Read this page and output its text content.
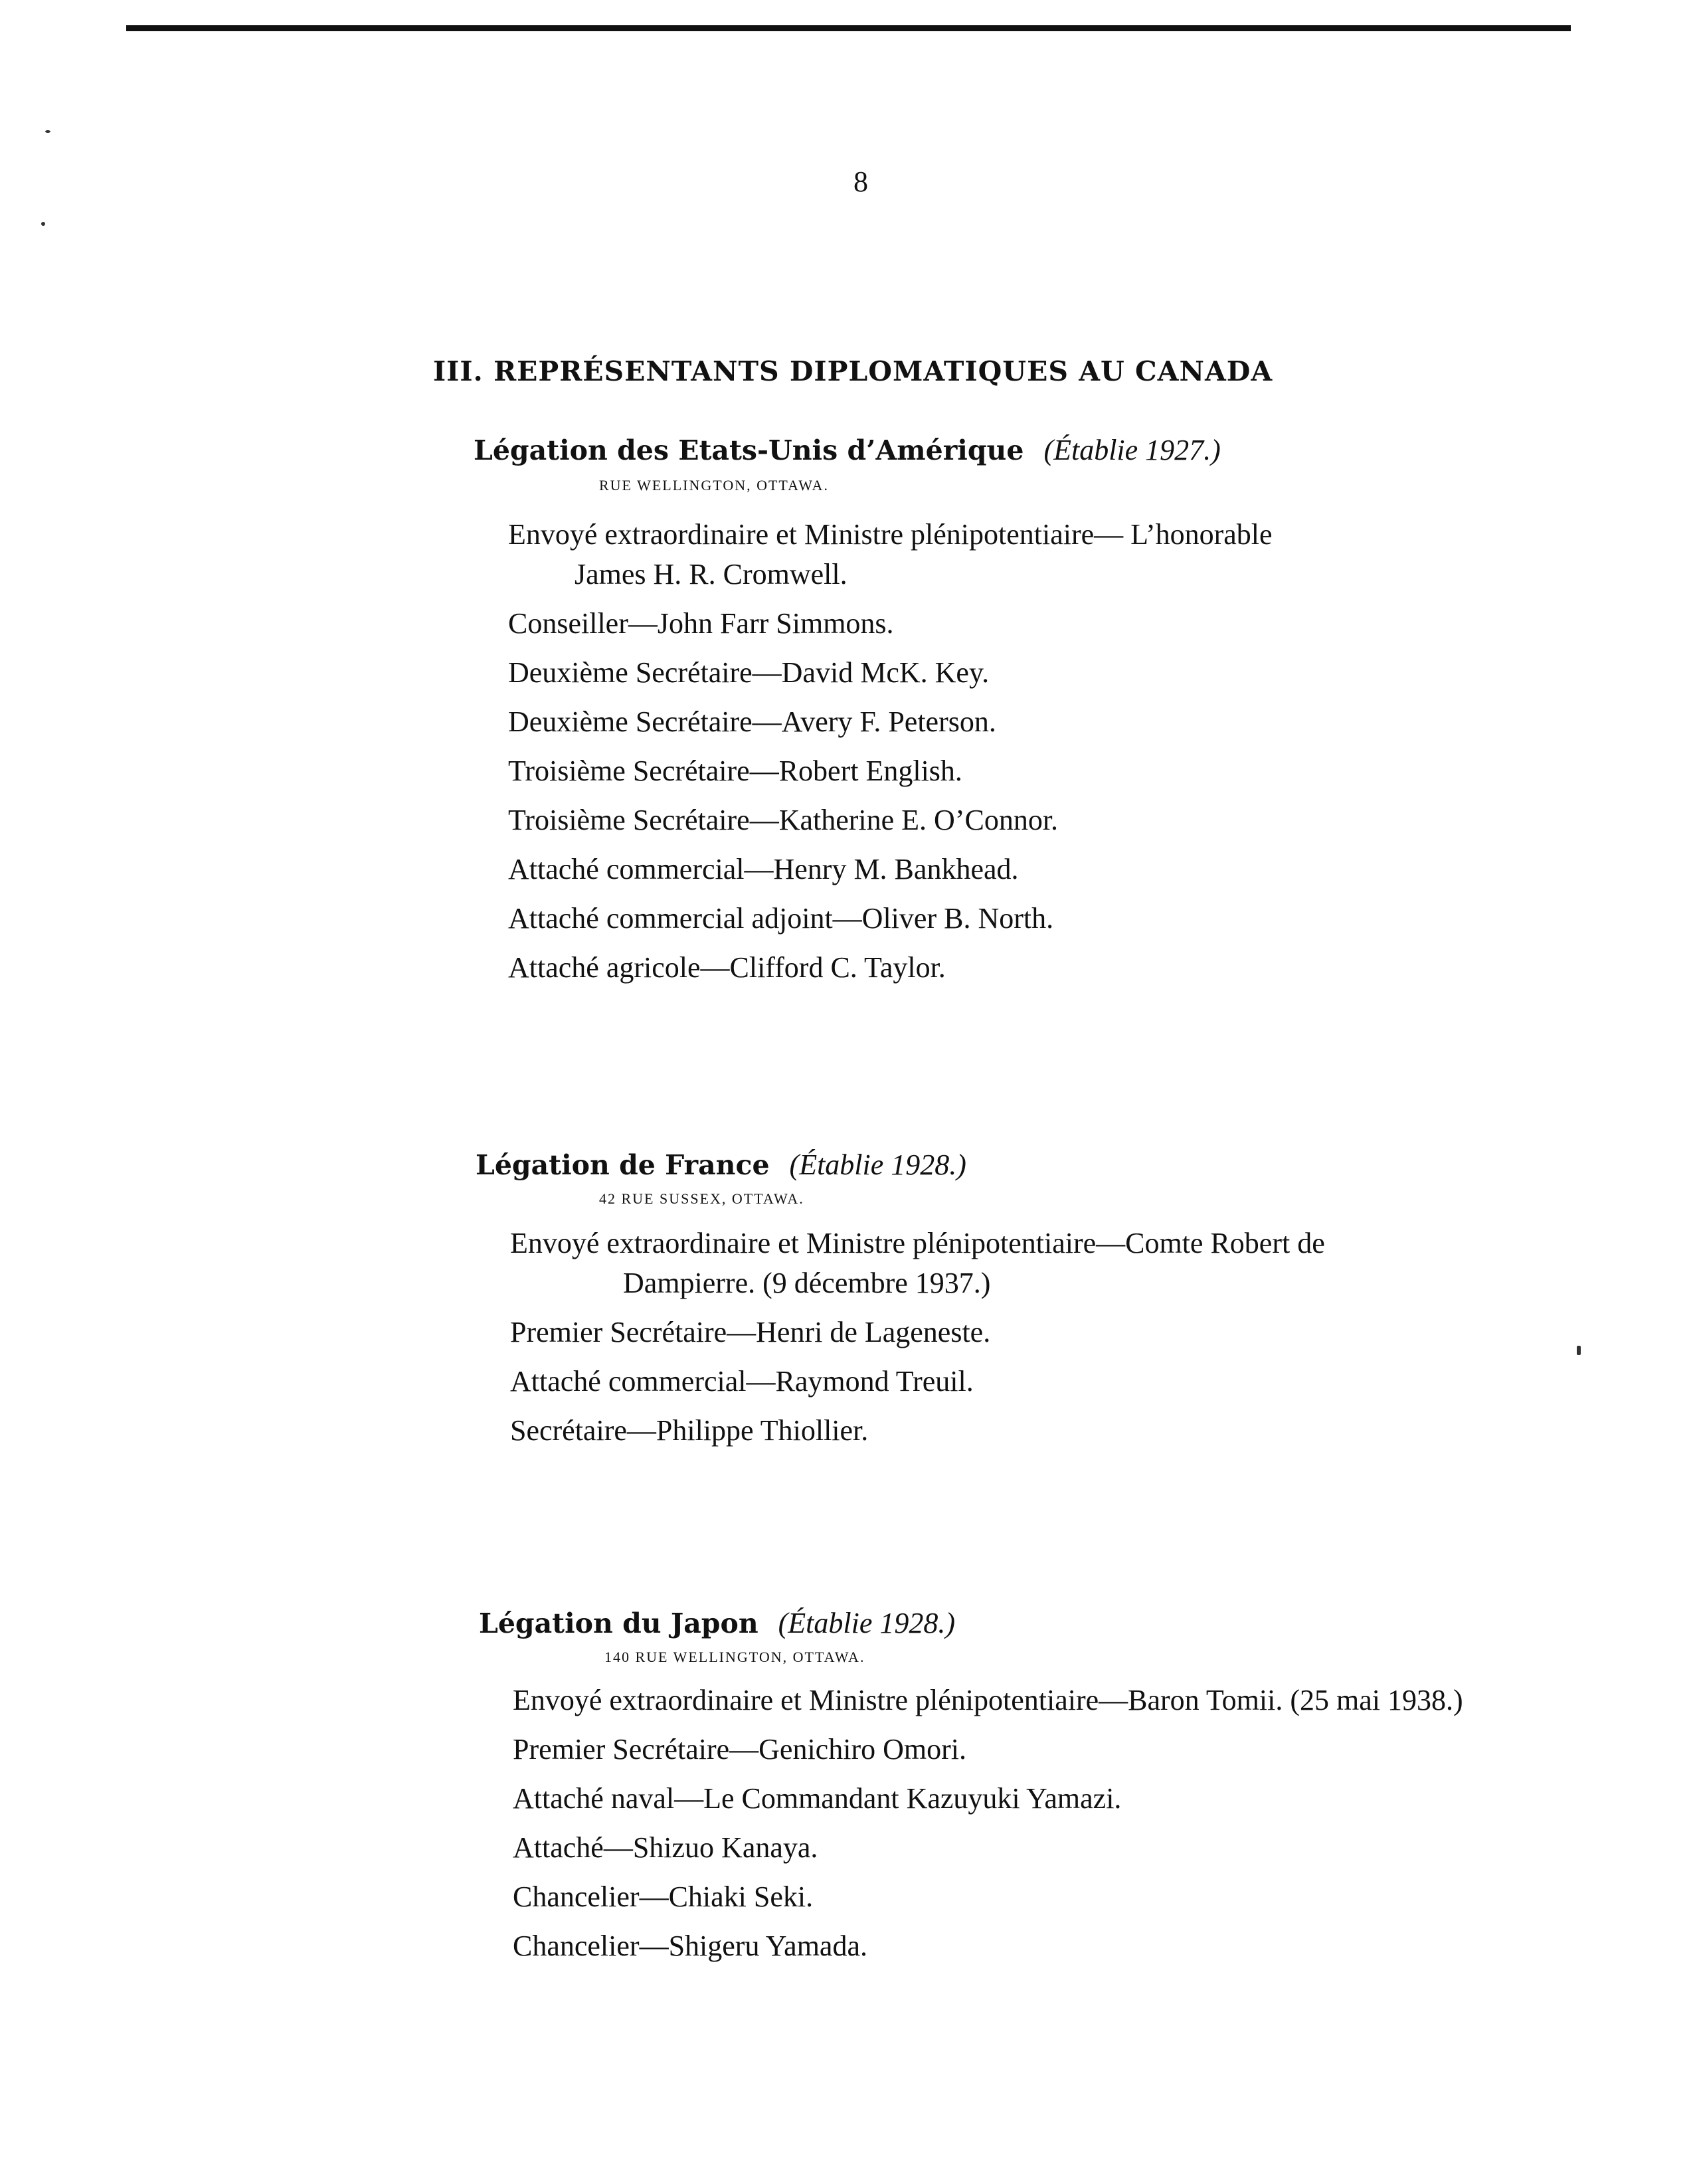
8
III. REPRÉSENTANTS DIPLOMATIQUES AU CANADA
Légation des Etats-Unis d’Amérique (Établie 1927.)
RUE WELLINGTON, OTTAWA.
Envoyé extraordinaire et Ministre plénipotentiaire— L’honorable James H. R. Cromwell.
Conseiller—John Farr Simmons.
Deuxième Secrétaire—David McK. Key.
Deuxième Secrétaire—Avery F. Peterson.
Troisième Secrétaire—Robert English.
Troisième Secrétaire—Katherine E. O’Connor.
Attaché commercial—Henry M. Bankhead.
Attaché commercial adjoint—Oliver B. North.
Attaché agricole—Clifford C. Taylor.
Légation de France (Établie 1928.)
42 RUE SUSSEX, OTTAWA.
Envoyé extraordinaire et Ministre plénipotentiaire—Comte Robert de Dampierre. (9 décembre 1937.)
Premier Secrétaire—Henri de Lageneste.
Attaché commercial—Raymond Treuil.
Secrétaire—Philippe Thiollier.
Légation du Japon (Établie 1928.)
140 RUE WELLINGTON, OTTAWA.
Envoyé extraordinaire et Ministre plénipotentiaire—Baron Tomii. (25 mai 1938.)
Premier Secrétaire—Genichiro Omori.
Attaché naval—Le Commandant Kazuyuki Yamazi.
Attaché—Shizuo Kanaya.
Chancelier—Chiaki Seki.
Chancelier—Shigeru Yamada.
